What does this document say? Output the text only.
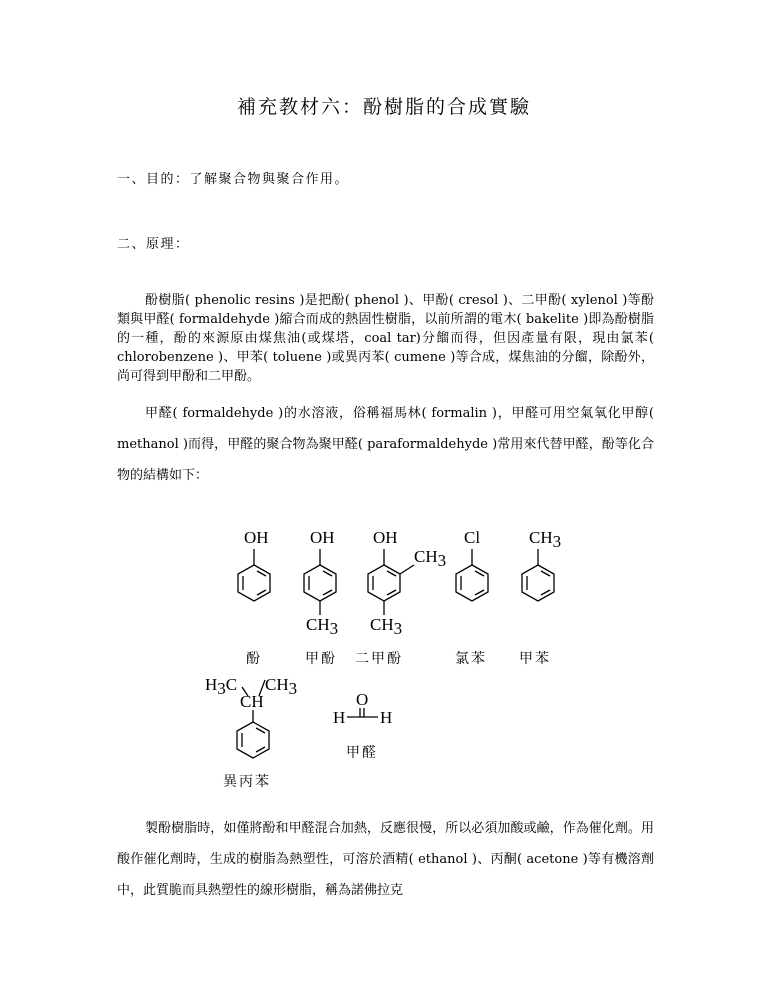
補充教材六：酚樹脂的合成實驗
一、目的：了解聚合物與聚合作用。
二、原理：

酚樹脂( phenolic resins )是把酚( phenol )、甲酚( cresol )、二甲酚( xylenol )等酚類與甲醛( formaldehyde )縮合而成的熱固性樹脂，以前所謂的電木( bakelite )即為酚樹脂的一種，酚的來源原由煤焦油(或煤塔，coal tar)分餾而得，但因產量有限，現由氯苯( chlorobenzene )、甲苯( toluene )或異丙苯( cumene )等合成，煤焦油的分餾，除酚外，尚可得到甲酚和二甲酚。

甲醛( formaldehyde )的水溶液，俗稱福馬林( formalin )，甲醛可用空氣氧化甲醇( methanol )而得，甲醛的聚合物為聚甲醛( paraformaldehyde )常用來代替甲醛，酚等化合物的結構如下：

OH OH
CH3
OH
CH3
CH3
Cl	CH3
H3C CH3
CH	O
H H
酚	甲酚 二甲酚	氯苯 甲苯
甲醛
異丙苯

製酚樹脂時，如僅將酚和甲醛混合加熱，反應很慢，所以必須加酸或鹼，作為催化劑。用酸作催化劑時，生成的樹脂為熱塑性，可溶於酒精( ethanol )、丙酮( acetone )等有機溶劑中，此質脆而具熱塑性的線形樹脂，稱為諾佛拉克
